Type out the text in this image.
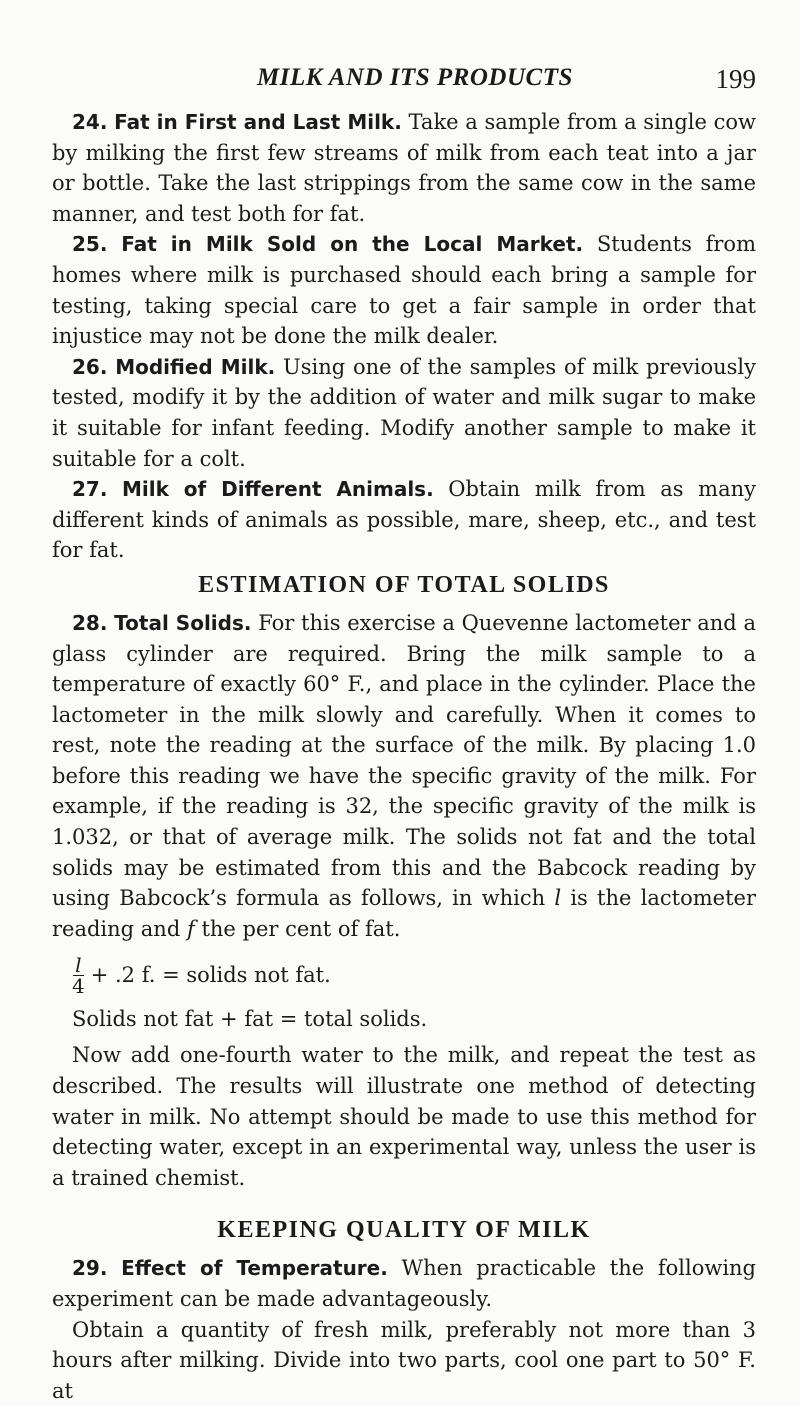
MILK AND ITS PRODUCTS	199

24. Fat in First and Last Milk. Take a sample from a single cow by milking the first few streams of milk from each teat into a jar or bottle. Take the last strippings from the same cow in the same manner, and test both for fat.

25. Fat in Milk Sold on the Local Market. Students from homes where milk is purchased should each bring a sample for testing, taking special care to get a fair sample in order that injustice may not be done the milk dealer.

26. Modified Milk. Using one of the samples of milk previously tested, modify it by the addition of water and milk sugar to make it suitable for infant feeding. Modify another sample to make it suitable for a colt.

27. Milk of Different Animals. Obtain milk from as many different kinds of animals as possible, mare, sheep, etc., and test for fat.

ESTIMATION OF TOTAL SOLIDS

28. Total Solids. For this exercise a Quevenne lactometer and a glass cylinder are required. Bring the milk sample to a temperature of exactly 60° F., and place in the cylinder. Place the lactometer in the milk slowly and carefully. When it comes to rest, note the reading at the surface of the milk. By placing 1.0 before this reading we have the specific gravity of the milk. For example, if the reading is 32, the specific gravity of the milk is 1.032, or that of average milk. The solids not fat and the total solids may be estimated from this and the Babcock reading by using Babcock’s formula as follows, in which l is the lactometer reading and f the per cent of fat.

$\frac{l}{4} + .2$ f. = solids not fat.
Solids not fat + fat = total solids.

Now add one-fourth water to the milk, and repeat the test as described. The results will illustrate one method of detecting water in milk. No attempt should be made to use this method for detecting water, except in an experimental way, unless the user is a trained chemist.

KEEPING QUALITY OF MILK

29. Effect of Temperature. When practicable the following experiment can be made advantageously.

Obtain a quantity of fresh milk, preferably not more than 3 hours after milking. Divide into two parts, cool one part to 50° F. at
